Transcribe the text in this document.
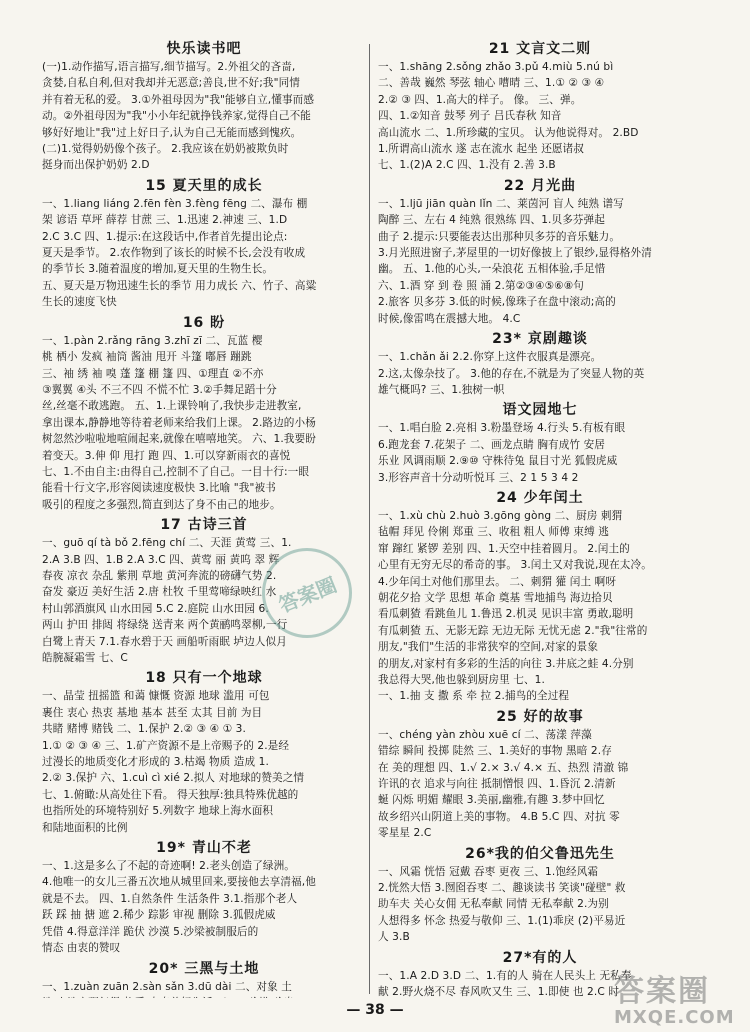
快乐读书吧
(一)1.动作描写,语言描写,细节描写。2.外祖父的吝啬,
贪婪,自私自利,但对我却并无恶意;善良,世不好;我"同情
并有着无私的爱。 3.①外祖母因为"我"能够自立,懂事而感
动。②外祖母因为"我"小小年纪就挣钱养家,觉得自己不能
够好好地让"我"过上好日子,认为自己无能而感到愧疚。
(二)1.觉得奶奶像个孩子。 2.我应该在奶奶被欺负时
挺身而出保护奶奶 2.D
15 夏天里的成长
一、1.liang liáng 2.fēn fèn 3.fèng fēng 二、瀑布 棚
架 谚语 草坪 薛荐 甘蔗 三、1.迅速 2.神速 三、1.D
2.C 3.C 四、1.提示:在这段话中,作者首先提出论点:
夏天是季节。 2.农作物到了该长的时候不长,会没有收成
的季节长 3.随着温度的增加,夏天里的生物生长。
五、夏天是万物迅速生长的季节 用力成长 六、竹子、高粱
生长的速度飞快
16 盼
一、1.pàn 2.rǎng rāng 3.zhī zī 二、瓦蓝 樱
桃 栖小 发疯 袖筒 酱油 甩开 斗篷 嘟唇 蹦跳
三、袖 绣 袖 嗅 蓬 篷 棚 篷 四、①理直 ②不亦
③翼翼 ④头 不三不四 不慌不忙 3.②手舞足蹈十分
丝,丝毫不敢逃跑。 五、1.上课铃响了,我快步走进教室,
拿出课本,静静地等待着老师来给我们上课。 2.路边的小杨
树忽然沙啦啦地喧闹起来,就像在嘻嘻地笑。 六、1.我要盼
着变天。3.伸 仰 甩打 跑 四、1.可以穿新雨衣的喜悦
七、1.不由自主:由得自己,控制不了自己。一目十行:一眼
能看十行文字,形容阅读速度极快 3.比喻 "我"被书
吸引的程度之多强烈,简直到达了身不由己的地步。
17 古诗三首
一、guō qí tà bǒ 2.fēng chí 二、天涯 黄莺 三、1.
2.A 3.B 四、1.B 2.A 3.C 四、黄莺 丽 黄呜 翠 辉
春夜 凉衣 杂乱 紫荆 草地 黄河奔流的磅礴气势 2.
奋发 豪迈 美好生活 2.唐 杜牧 千里莺啼绿映红 水
村山郭酒旗风 山水田园 5.C 2.庭院 山水田园 6.
两山 护田 排闼 将绿绕 送青来 两个黄鹂鸣翠柳,一行
白鹭上青天 7.1.春水碧于天 画船听雨眠 垆边人似月
皓腕凝霜雪 七、C
18 只有一个地球
一、晶莹 扭摇篮 和蔼 慷慨 资源 地球 滥用 可包
裹住 衷心 热衷 基地 基本 甚至 太其 目前 为目
共睹 赌博 赌钱 二、1.保护 2.② ③ ④ ① 3.
1.① ② ③ ④ 三、1.矿产资源不是上帝赐予的 2.是经
过漫长的地质变化才形成的 3.枯竭 物质 造成 1.
2.② 3.保护 六、1.cuì cì xié 2.拟人 对地球的赞美之情
七、1.俯瞰:从高处往下看。 得天独厚:独具特殊优越的
也指所处的环境特别好 5.列数字 地球上海水面积
和陆地面积的比例
19* 青山不老
一、1.这是多么了不起的奇迹啊! 2.老头创造了绿洲。
4.他唯一的女儿三番五次地从城里回来,要接他去享清福,他
就是不去。 四、1.自然条件 生活条件 3.1.指那个老人
跃 踩 抽 搪 遮 2.稀少 踪影 审视 删除 3.狐假虎威
凭借 4.得意洋洋 跪伏 沙漠 5.沙梁被制服后的
情态 由衷的赞叹
20* 三黑与土地
一、1.zuàn zuān 2.sàn sǎn 3.dū dài 二、对象 土
21 文言文二则
一、1.shāng 2.sǒng zhǎo 3.pǔ 4.miù 5.nú bì
二、善哉 巍然 琴弦 轴心 嘈晴 三、1.① ② ③ ④
2.② ③ 四、1.高大的样子。 像。 三、弹。
四、1.②知音 鼓琴 列子 吕氏春秋 知音
高山流水 二、1.所珍藏的宝贝。 认为他说得对。 2.BD
1.所谓高山流水 遂 志在流水 起坐 还愿诸叔
七、1.(2)A 2.C 四、1.没有 2.善 3.B
22 月光曲
一、1.ljū jiān quàn lǐn 二、莱茵河 盲人 纯熟 谱写
陶醉 三、左右 4 纯熟 很熟练 四、1.贝多芬弹起
曲子 2.提示:只要能表达出那种贝多芬的音乐魅力。
3.月光照进窗子,茅屋里的一切好像披上了银纱,显得格外清
幽。 五、1.他的心头,一朵浪花 五相体验,手足惜
六、1.酒 穿 到 卷 照 涌 2.第②③④⑤⑥⑧句
2.旅客 贝多芬 3.低的时候,像珠子在盘中滚动;高的
时候,像雷鸣在震撼大地。 4.C
23* 京剧趣谈
一、1.chǎn ǎi 2.2.你穿上这件衣服真是漂亮。
2.这,太像杂技了。 3.他的存在,不就是为了突显人物的英
雄气概吗? 三、1.独树一帜
语文园地七
一、1.唱白脸 2.亮相 3.粉墨登场 4.行头 5.有板有眼
6.跑龙套 7.花架子 二、画龙点睛 胸有成竹 安居
乐业 风调雨顺 2.⑨⑩ 守株待兔 鼠目寸光 狐假虎威
3.形容声音十分动听悦耳 三、2 1 5 3 4 2
24 少年闰土
一、1.xù chù 2.huò 3.gōng gòng 二、厨房 刺猬
毡帽 拜见 伶俐 郑重 三、收租 粗人 师傅 束缚 逃
窜 蹿红 紧锣 差别 四、1.天空中挂着圆月。 2.闰土的
心里有无穷无尽的希奇的事。 3.闰土又对我说,现在太冷。
4.少年闰土对他们那里去。 二、刺猬 獾 闰土 啊呀
朝花夕拾 文学 思想 革命 奠基 雪地捕鸟 海边拾贝
看瓜刺猹 看跳鱼儿 1.鲁迅 2.机灵 见识丰富 勇敢,聪明
有瓜刺猹 五、无影无踪 无边无际 无忧无虑 2."我"往常的
朋友,"我们"生活的非常狭窄的空间,对家的景象
的朋友,对家村有多彩的生活的向往 3.井底之蛙 4.分别
我总得大哭,他也躲到厨房里 七、1.
一、1.抽 支 撒 系 牵 拉 2.捕鸟的全过程
25 好的故事
一、chéng yàn zhòu xuē cí 二、荡漾 萍藻
错综 瞬间 投掷 陡然 三、1.美好的事物 黑暗 2.存
在 美的理想 四、1.√ 2.× 3.√ 4.× 五、热烈 清澈 锦
许讯的衣 追求与向往 抵制憎恨 四、1.昏沉 2.清新
蜒 闪烁 明媚 耀眼 3.美丽,幽雅,有趣 3.梦中回忆
故乡绍兴山阴道上美的事物。 4.B 5.C 四、对抗 零
零星星 2.C
26*我的伯父鲁迅先生
一、风霜 恍悟 冠戴 吞枣 更夜 三、1.饱经风霜
2.恍然大悟 3.囫囵吞枣 二、趣谈读书 笑谈"碰壁" 救
助车夫 关心女佣 无私奉献 同情 无私奉献 2.为别
人想得多 怀念 热爱与敬仰 三、1.(1)乖戾 (2)平易近
人 3.B
27*有的人
一、1.A 2.D 3.D 二、1.有的人 骑在人民头上 无私奉
献 2.野火烧不尽 春风吹又生 三、1.即使 也 2.C 时
答案圈
— 38 —
答案圈
MXQE.COM
